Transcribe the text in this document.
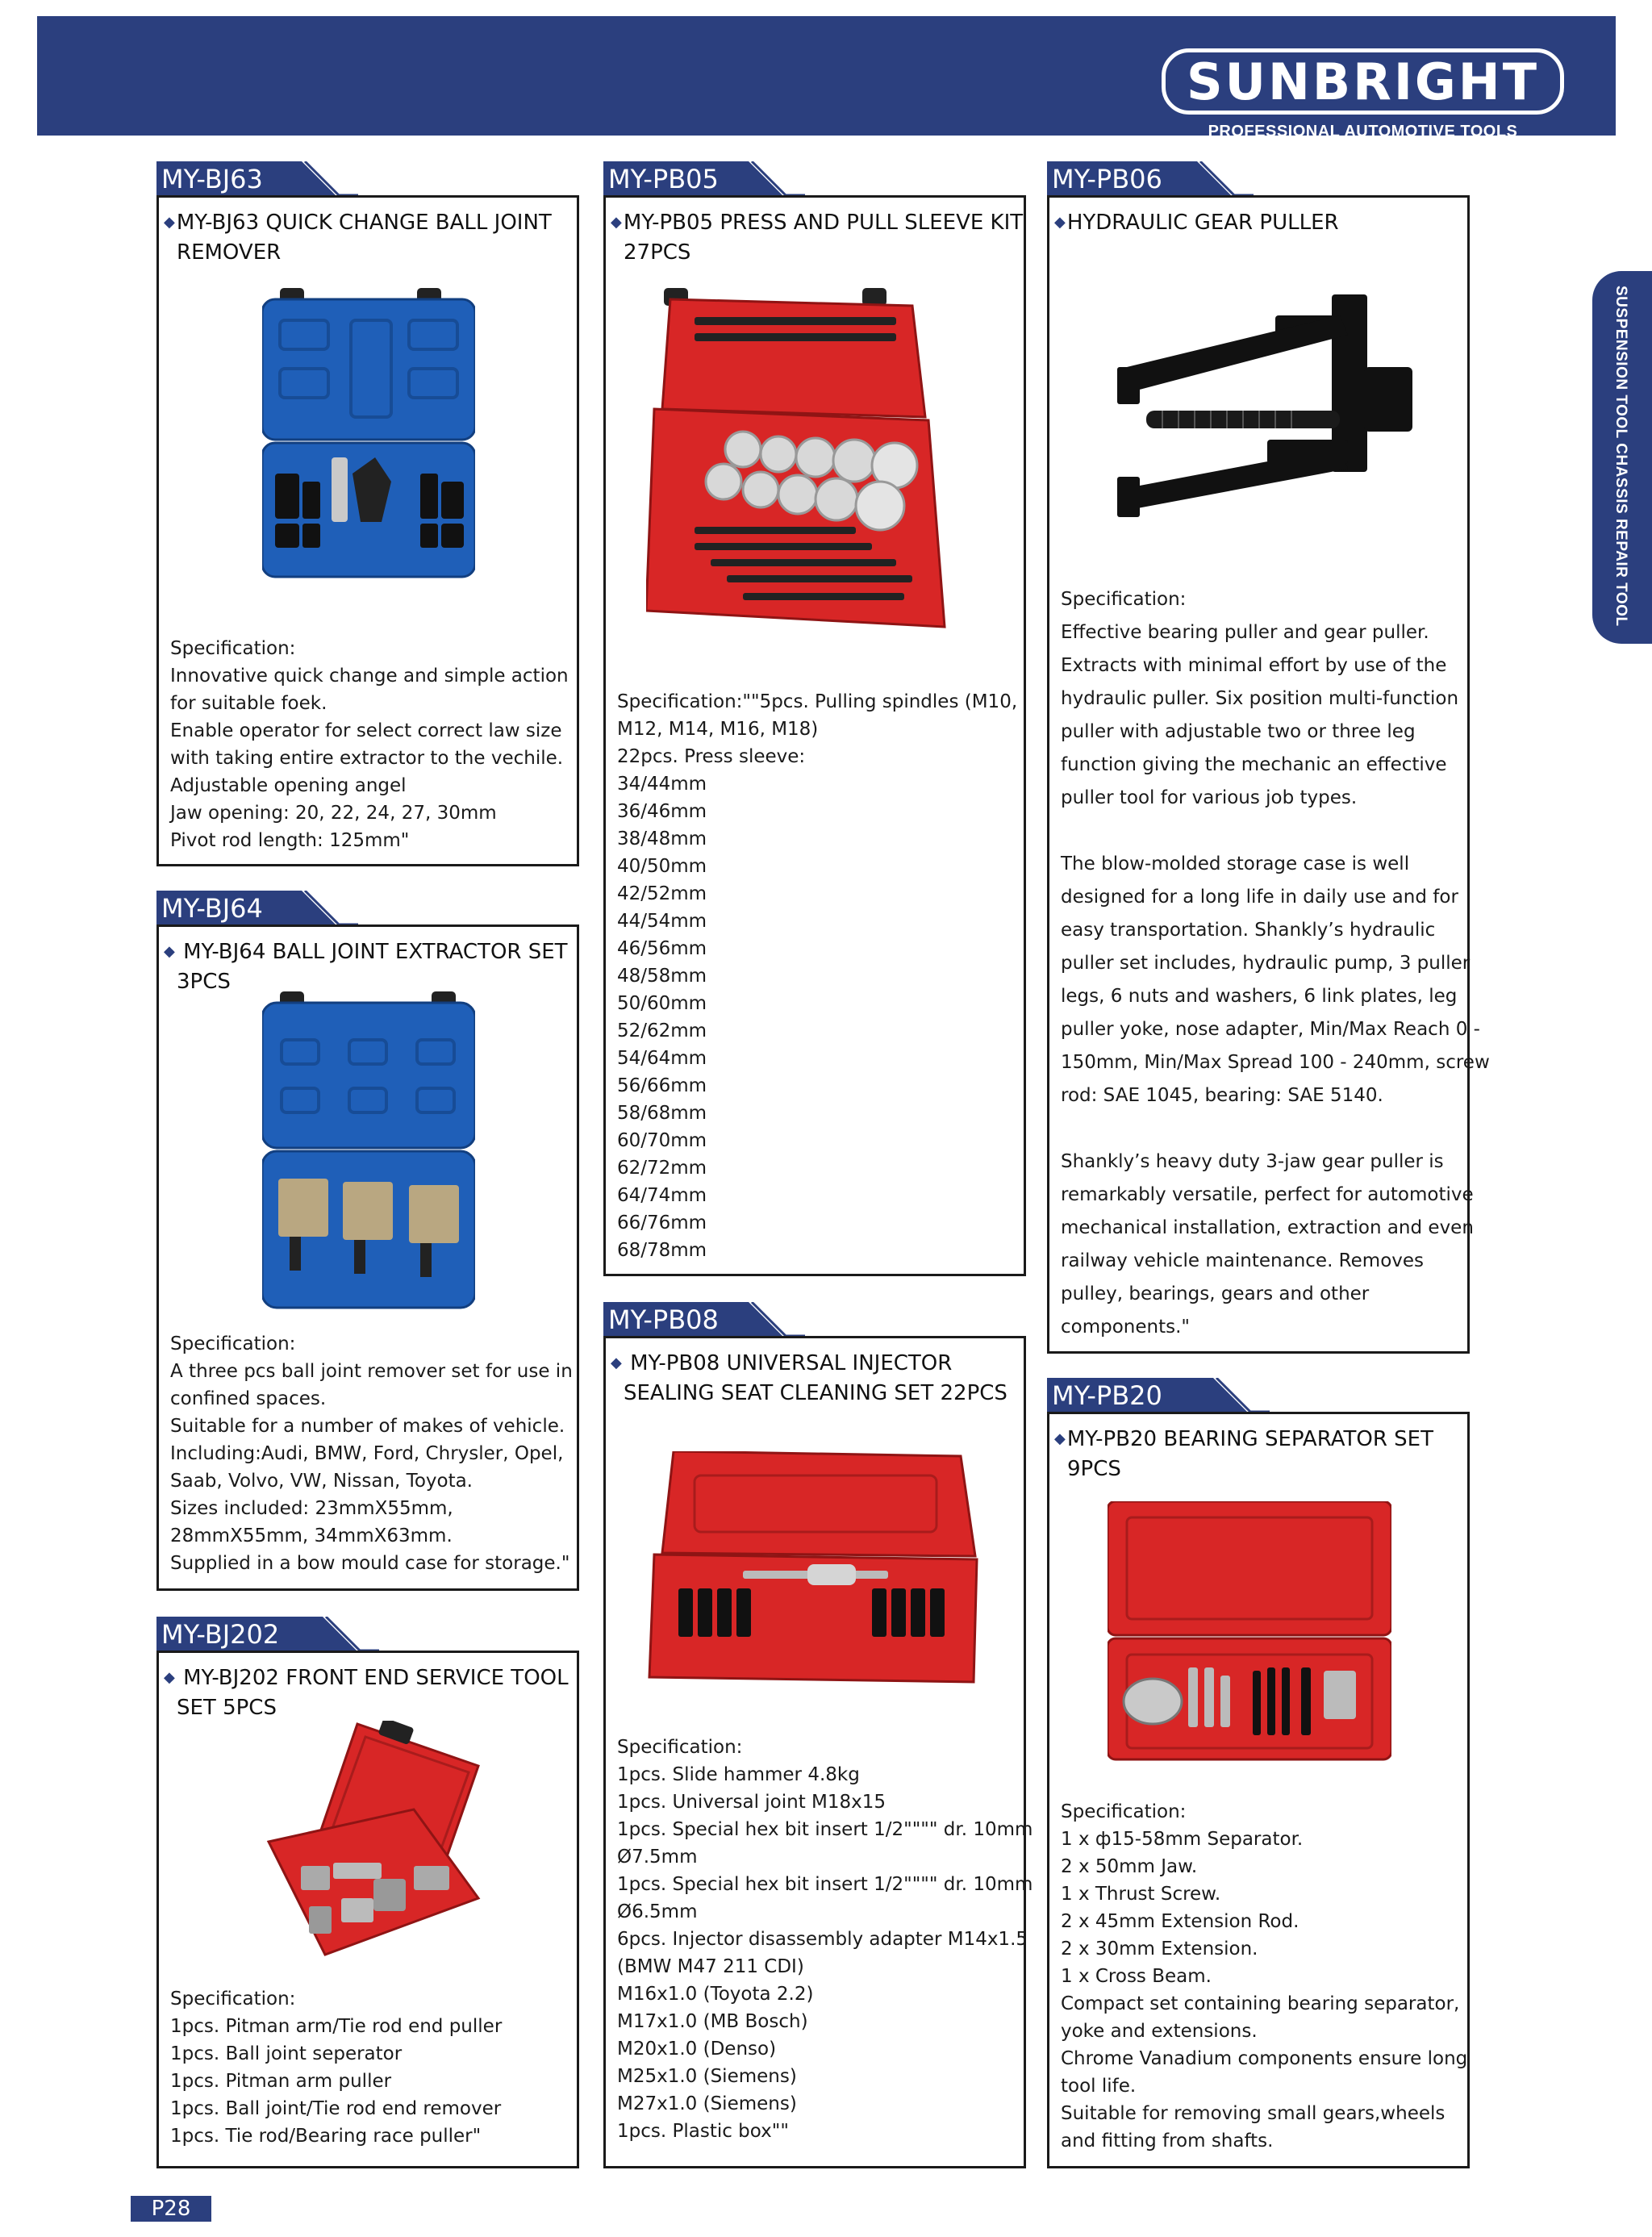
SUNBRIGHT
PROFESSIONAL AUTOMOTIVE TOOLS
SUSPENSION TOOL CHASSIS REPAIR TOOL
MY-BJ63
◆MY-BJ63 QUICK CHANGE BALL JOINT
REMOVER
Specification:
Innovative quick change and simple action
for suitable foek.
Enable operator for select correct law size
with taking entire extractor to the vechile.
Adjustable opening angel
Jaw opening: 20, 22, 24, 27, 30mm
Pivot rod length: 125mm"
MY-BJ64
◆ MY-BJ64 BALL JOINT EXTRACTOR SET
3PCS
Specification:
A three pcs ball joint remover set for use in
confined spaces.
Suitable for a number of makes of vehicle.
Including:Audi, BMW, Ford, Chrysler, Opel,
Saab, Volvo, VW, Nissan, Toyota.
Sizes included: 23mmX55mm,
28mmX55mm, 34mmX63mm.
Supplied in a bow mould case for storage."
MY-BJ202
◆ MY-BJ202 FRONT END SERVICE TOOL
SET 5PCS
Specification:
1pcs. Pitman arm/Tie rod end puller
1pcs. Ball joint seperator
1pcs. Pitman arm puller
1pcs. Ball joint/Tie rod end remover
1pcs. Tie rod/Bearing race puller"
MY-PB05
◆MY-PB05 PRESS AND PULL SLEEVE KIT
27PCS
Specification:""5pcs. Pulling spindles (M10,
M12, M14, M16, M18)
22pcs. Press sleeve:
34/44mm
36/46mm
38/48mm
40/50mm
42/52mm
44/54mm
46/56mm
48/58mm
50/60mm
52/62mm
54/64mm
56/66mm
58/68mm
60/70mm
62/72mm
64/74mm
66/76mm
68/78mm
MY-PB08
◆ MY-PB08 UNIVERSAL INJECTOR
SEALING SEAT CLEANING SET 22PCS
Specification:
1pcs. Slide hammer 4.8kg
1pcs. Universal joint M18x15
1pcs. Special hex bit insert 1/2"""" dr. 10mm
Ø7.5mm
1pcs. Special hex bit insert 1/2"""" dr. 10mm
Ø6.5mm
6pcs. Injector disassembly adapter M14x1.5
(BMW M47 211 CDI)
M16x1.0 (Toyota 2.2)
M17x1.0 (MB Bosch)
M20x1.0 (Denso)
M25x1.0 (Siemens)
M27x1.0 (Siemens)
1pcs. Plastic box""
MY-PB06
◆HYDRAULIC GEAR PULLER
Specification:
Effective bearing puller and gear puller.
Extracts with minimal effort by use of the
hydraulic puller. Six position multi-function
puller with adjustable two or three leg
function giving the mechanic an effective
puller tool for various job types.
The blow-molded storage case is well
designed for a long life in daily use and for
easy transportation. Shankly’s hydraulic
puller set includes, hydraulic pump, 3 puller
legs, 6 nuts and washers, 6 link plates, leg
puller yoke, nose adapter, Min/Max Reach 0 -
150mm, Min/Max Spread 100 - 240mm, screw
rod: SAE 1045, bearing: SAE 5140.
Shankly’s heavy duty 3-jaw gear puller is
remarkably versatile, perfect for automotive
mechanical installation, extraction and even
railway vehicle maintenance. Removes
pulley, bearings, gears and other
components."
MY-PB20
◆MY-PB20 BEARING SEPARATOR SET
9PCS
Specification:
1 x ф15-58mm Separator.
2 x 50mm Jaw.
1 x Thrust Screw.
2 x 45mm Extension Rod.
2 x 30mm Extension.
1 x Cross Beam.
Compact set containing bearing separator,
yoke and extensions.
Chrome Vanadium components ensure long
tool life.
Suitable for removing small gears,wheels
and fitting from shafts.
P28
